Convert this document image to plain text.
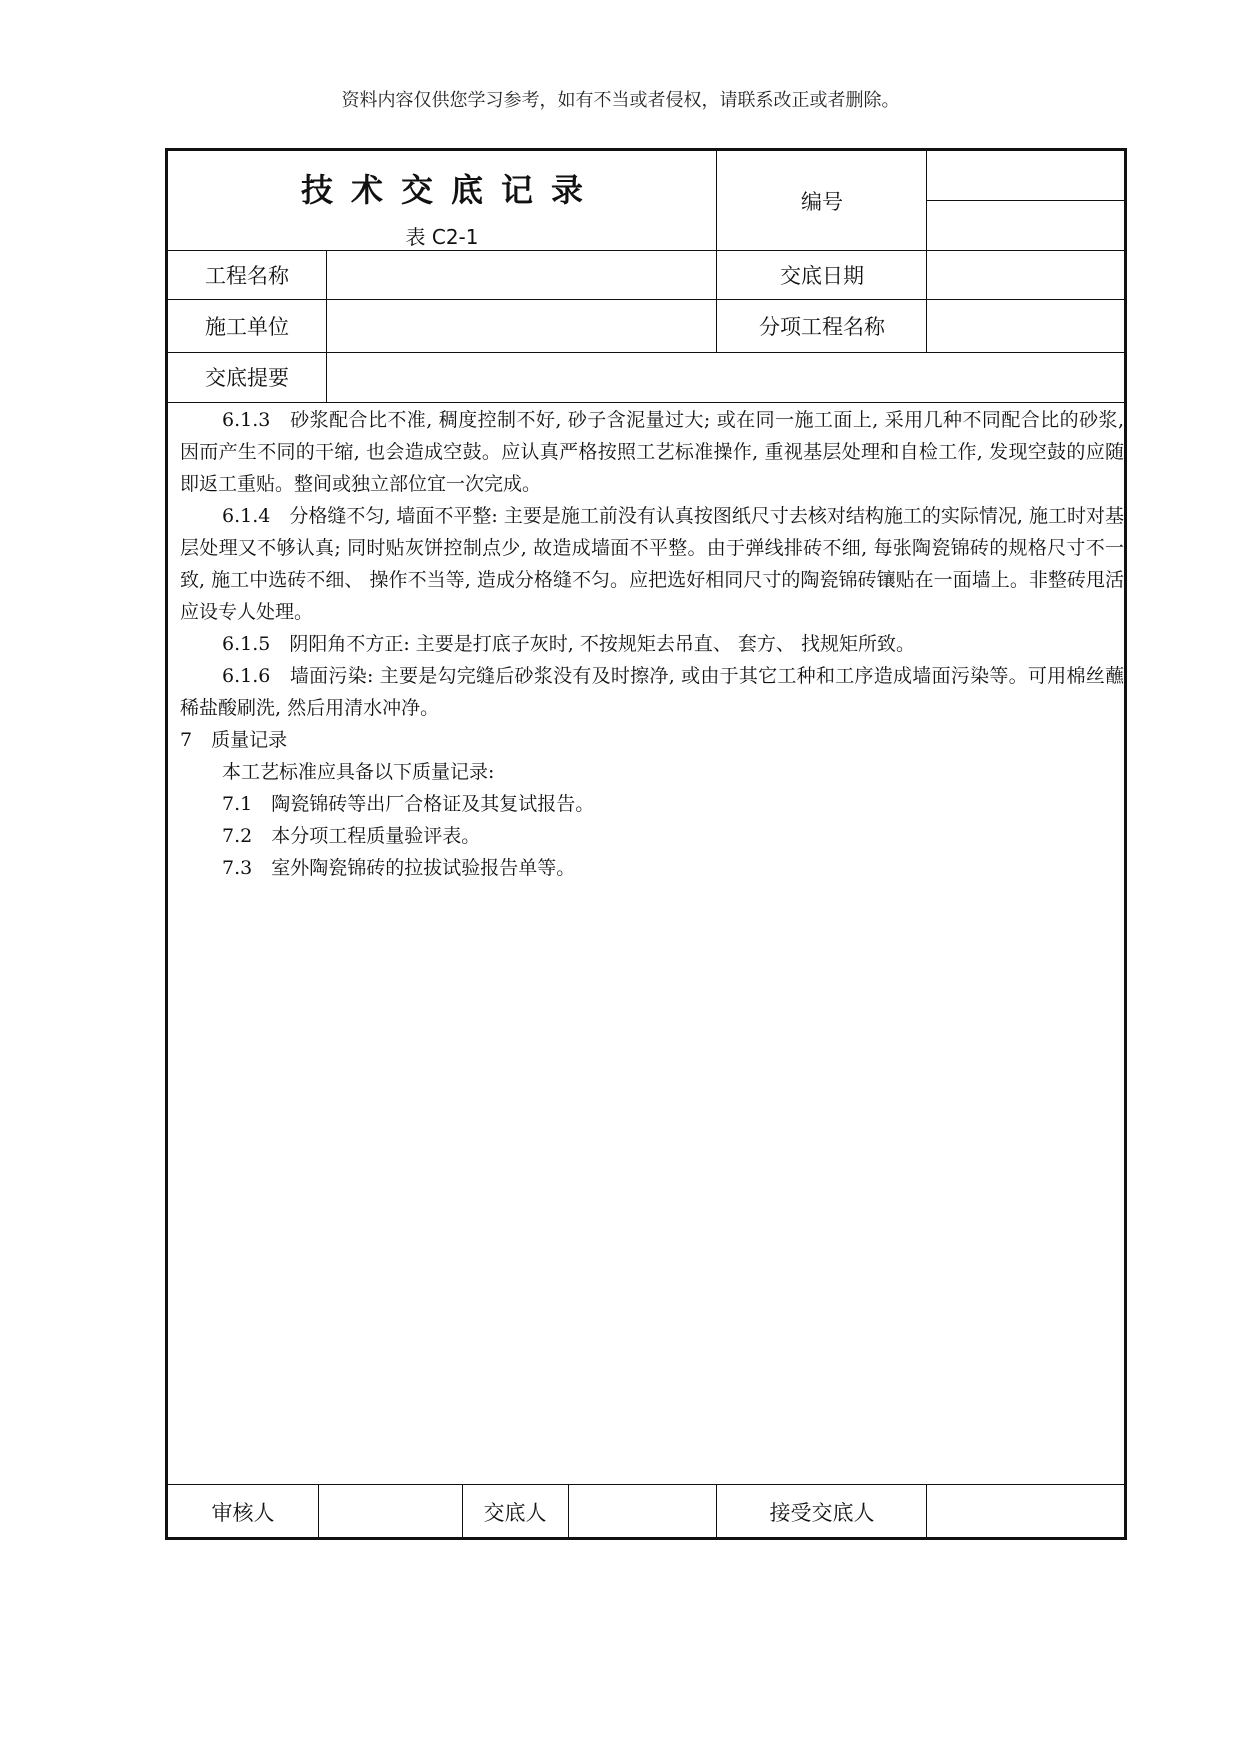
资料内容仅供您学习参考，如有不当或者侵权，请联系改正或者删除。
技术交底记录
表 C2-1
编号
工程名称	交底日期
施工单位	分项工程名称
交底提要

6.1.3　砂浆配合比不准, 稠度控制不好, 砂子含泥量过大; 或在同一施工面上, 采用几种不同配合比的砂浆, 因而产生不同的干缩, 也会造成空鼓。应认真严格按照工艺标准操作, 重视基层处理和自检工作, 发现空鼓的应随即返工重贴。整间或独立部位宜一次完成。

6.1.4　分格缝不匀, 墙面不平整: 主要是施工前没有认真按图纸尺寸去核对结构施工的实际情况, 施工时对基层处理又不够认真; 同时贴灰饼控制点少, 故造成墙面不平整。由于弹线排砖不细, 每张陶瓷锦砖的规格尺寸不一致, 施工中选砖不细、 操作不当等, 造成分格缝不匀。应把选好相同尺寸的陶瓷锦砖镶贴在一面墙上。非整砖甩活应设专人处理。

6.1.5　阴阳角不方正: 主要是打底子灰时, 不按规矩去吊直、 套方、 找规矩所致。

6.1.6　墙面污染: 主要是勾完缝后砂浆没有及时擦净, 或由于其它工种和工序造成墙面污染等。可用棉丝蘸稀盐酸刷洗, 然后用清水冲净。

7　质量记录

本工艺标准应具备以下质量记录:

7.1　陶瓷锦砖等出厂合格证及其复试报告。

7.2　本分项工程质量验评表。

7.3　室外陶瓷锦砖的拉拔试验报告单等。

审核人	交底人	接受交底人
